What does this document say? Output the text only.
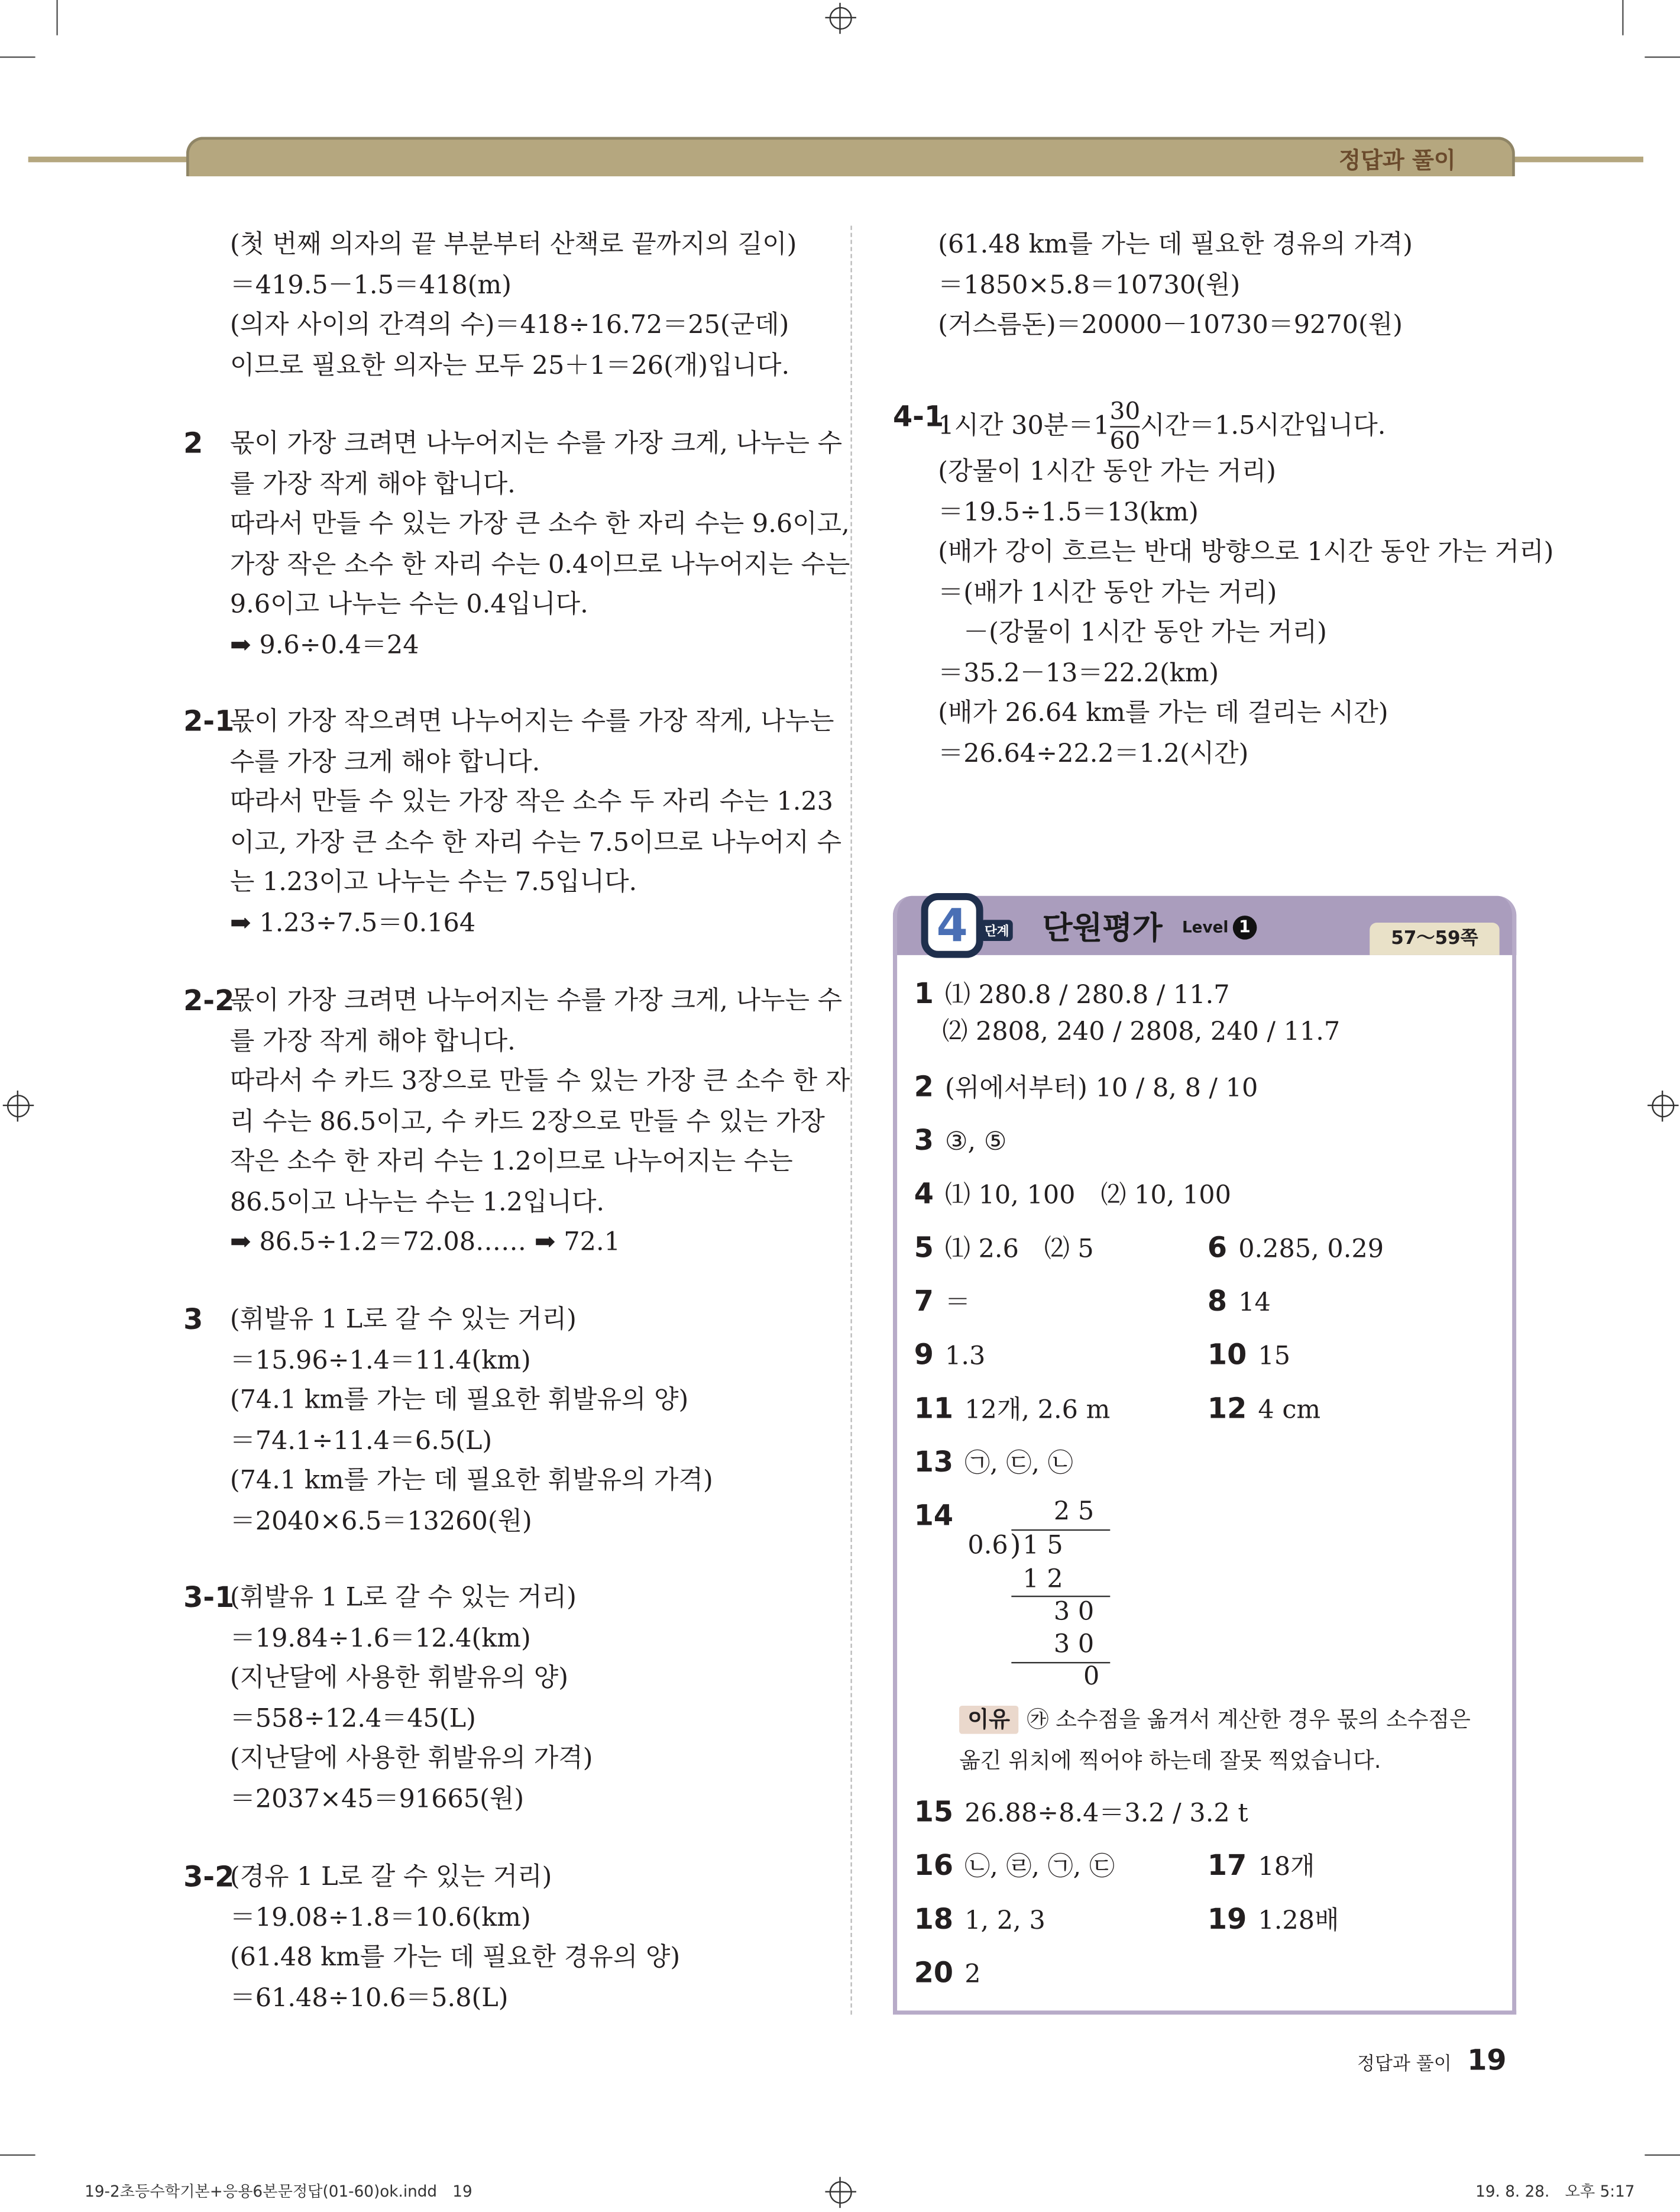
정답과 풀이
(첫 번째 의자의 끝 부분부터 산책로 끝까지의 길이)
＝419.5－1.5＝418(m)
(의자 사이의 간격의 수)＝418÷16.72＝25(군데)
이므로 필요한 의자는 모두 25＋1＝26(개)입니다.
2	몫이 가장 크려면 나누어지는 수를 가장 크게, 나누는 수
를 가장 작게 해야 합니다.
따라서 만들 수 있는 가장 큰 소수 한 자리 수는 9.6이고,
가장 작은 소수 한 자리 수는 0.4이므로 나누어지는 수는
9.6이고 나누는 수는 0.4입니다.
➡ 9.6÷0.4＝24
2-1
몫이 가장 작으려면 나누어지는 수를 가장 작게, 나누는
수를 가장 크게 해야 합니다.
따라서 만들 수 있는 가장 작은 소수 두 자리 수는 1.23
이고, 가장 큰 소수 한 자리 수는 7.5이므로 나누어지 수
는 1.23이고 나누는 수는 7.5입니다.
➡ 1.23÷7.5＝0.164
2-2
몫이 가장 크려면 나누어지는 수를 가장 크게, 나누는 수
를 가장 작게 해야 합니다.
따라서 수 카드 3장으로 만들 수 있는 가장 큰 소수 한 자
리 수는 86.5이고, 수 카드 2장으로 만들 수 있는 가장
작은 소수 한 자리 수는 1.2이므로 나누어지는 수는
86.5이고 나누는 수는 1.2입니다.
➡ 86.5÷1.2＝72.08…… ➡ 72.1
3	(휘발유 1 L로 갈 수 있는 거리)
＝15.96÷1.4＝11.4(km)
(74.1 km를 가는 데 필요한 휘발유의 양)
＝74.1÷11.4＝6.5(L)
(74.1 km를 가는 데 필요한 휘발유의 가격)
＝2040×6.5＝13260(원)
3-1
(휘발유 1 L로 갈 수 있는 거리)
＝19.84÷1.6＝12.4(km)
(지난달에 사용한 휘발유의 양)
＝558÷12.4＝45(L)
(지난달에 사용한 휘발유의 가격)
＝2037×45＝91665(원)
3-2
(경유 1 L로 갈 수 있는 거리)
＝19.08÷1.8＝10.6(km)
(61.48 km를 가는 데 필요한 경유의 양)
＝61.48÷10.6＝5.8(L)
(61.48 km를 가는 데 필요한 경유의 가격)
＝1850×5.8＝10730(원)
(거스름돈)＝20000－10730＝9270(원)
4-1
1시간 30분$=1 \frac{30}{60}$ 시간＝1.5시간입니다.
(강물이 1시간 동안 가는 거리)
＝19.5÷1.5＝13(km)
(배가 강이 흐르는 반대 방향으로 1시간 동안 가는 거리)
＝(배가 1시간 동안 가는 거리)
　－(강물이 1시간 동안 가는 거리)
＝35.2－13＝22.2(km)
(배가 26.64 km를 가는 데 걸리는 시간)
＝26.64÷22.2＝1.2(시간)
4	단계	단원평가	Level 1
57～59쪽
1 ⑴ 280.8 / 280.8 / 11.7
⑵ 2808, 240 / 2808, 240 / 11.7
2 (위에서부터) 10 / 8, 8 / 10
3 ③, ⑤
4 ⑴ 10, 100　⑵ 10, 100
5 ⑴ 2.6　⑵ 5	6 0.285, 0.29
7 ＝	8 14
9 1.3	10 15
11 12개, 2.6 m	12 4 cm
13 ㉠, ㉢, ㉡
14
15 26.88÷8.4＝3.2 / 3.2 t
16 ㉡, ㉣, ㉠, ㉢	17 18개
18 1, 2, 3	19 1.28배
20 2
2 5
0.6 ) 1 5
1 2
3 0
3 0
0
이유 ㉮ 소수점을 옮겨서 계산한 경우 몫의 소수점은
옮긴 위치에 찍어야 하는데 잘못 찍었습니다.
정답과 풀이 19
19-2초등수학기본+응용6본문정답(01-60)ok.indd　19	19. 8. 28.　오후 5:17
